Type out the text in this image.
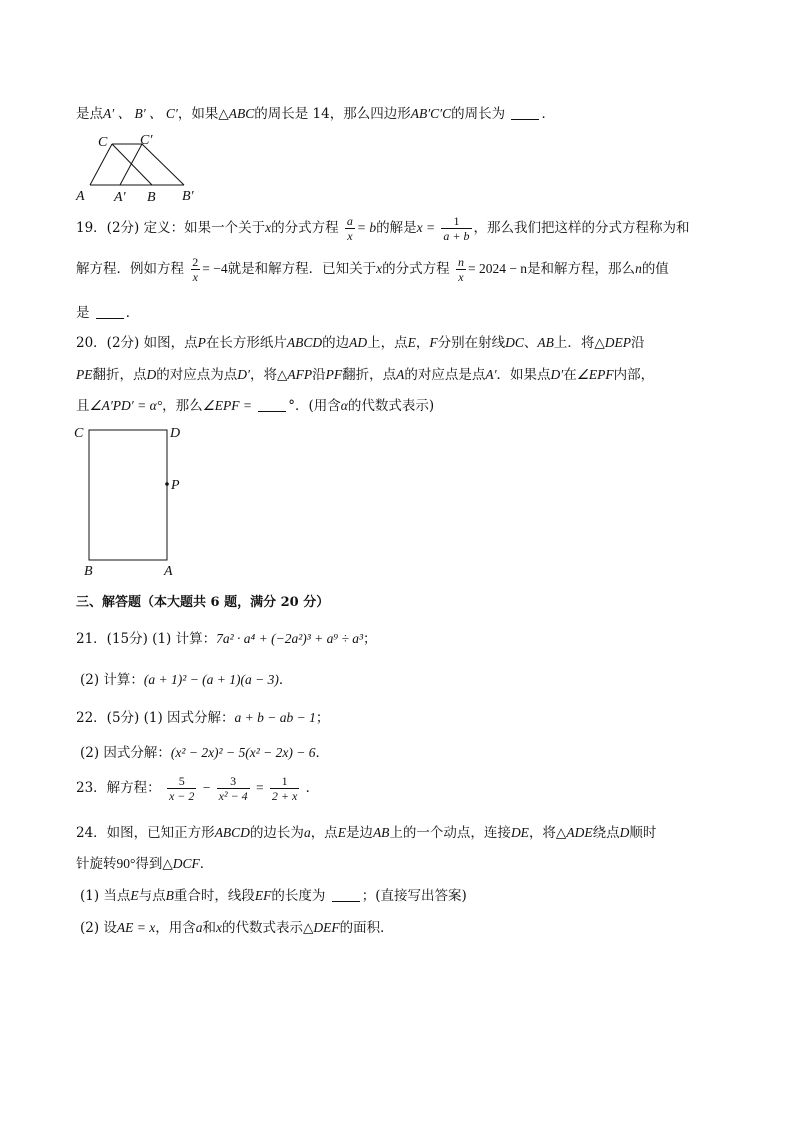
是点A′ 、 B′ 、 C′，如果△ABC的周长是 14，那么四边形AB′C′C的周长为	．
C C′
A A′ B B′
19．(2分) 定义：如果一个关于x的分式方程 $\frac{a}{x} = b$的解是$x = \frac{1}{a + b}$ ，那么我们把这样的分式方程称为和
解方程．例如方程 $\frac{2}{x} = -4$就是和解方程．已知关于x的分式方程 $\frac{n}{x} = 2024 - n$是和解方程，那么n的值
是	．
20．(2分) 如图，点P在长方形纸片ABCD的边AD上，点E，F分别在射线DC、AB上．将△DEP沿
PE翻折，点D的对应点为点D′，将△AFP沿PF翻折，点A的对应点是点A′．如果点D′在∠EPF内部，
且∠A′PD′ = α°，那么∠EPF =	°．(用含α的代数式表示)
C	D
P
B	A
三、解答题（本大题共 6 题，满分 20 分）
21．(15分) (1) 计算：7a² · a⁴ + (−2a²)³ + a⁹ ÷ a³；
(2) 计算：(a + 1)² − (a + 1)(a − 3)．
22．(5分) (1) 因式分解：a + b − ab − 1；
(2) 因式分解：(x² − 2x)² − 5(x² − 2x) − 6．
23．解方程： $\frac{5}{x - 2} - \frac{3}{\text{x² − 4}} = \frac{1}{2 + x}$ ．
24．如图，已知正方形ABCD的边长为a，点E是边AB上的一个动点，连接DE，将△ADE绕点D顺时
针旋转90°得到△DCF．
(1) 当点E与点B重合时，线段EF的长度为	；(直接写出答案)
(2) 设AE = x，用含a和x的代数式表示△DEF的面积．
